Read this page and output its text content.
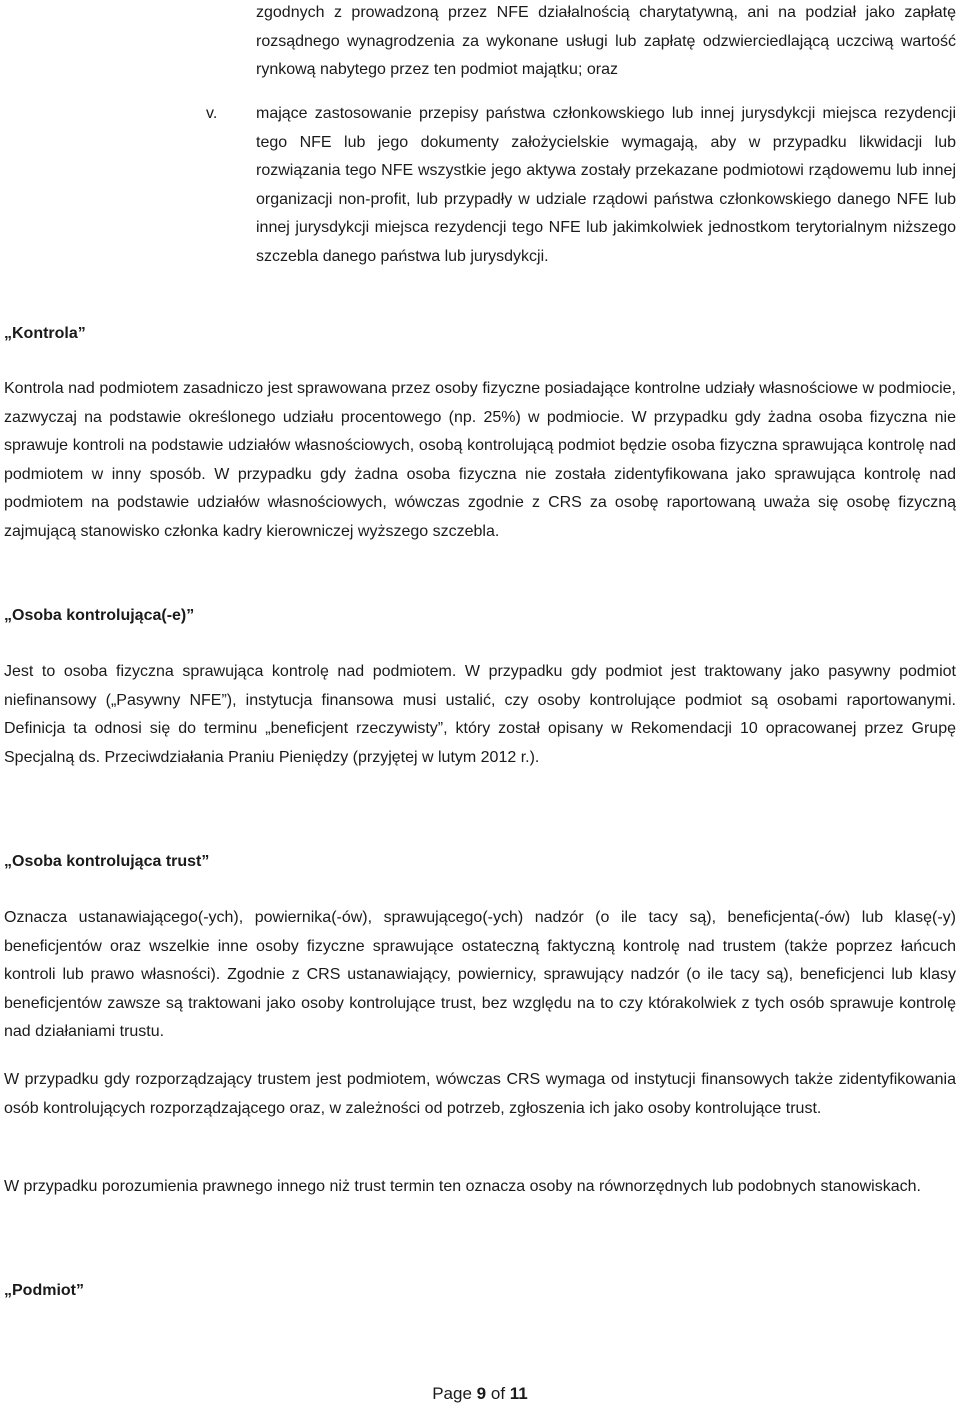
zgodnych z prowadzoną przez NFE działalnością charytatywną, ani na podział jako zapłatę rozsądnego wynagrodzenia za wykonane usługi lub zapłatę odzwierciedlającą uczciwą wartość rynkową nabytego przez ten podmiot majątku; oraz

v. mające zastosowanie przepisy państwa członkowskiego lub innej jurysdykcji miejsca rezydencji tego NFE lub jego dokumenty założycielskie wymagają, aby w przypadku likwidacji lub rozwiązania tego NFE wszystkie jego aktywa zostały przekazane podmiotowi rządowemu lub innej organizacji non-profit, lub przypadły w udziale rządowi państwa członkowskiego danego NFE lub innej jurysdykcji miejsca rezydencji tego NFE lub jakimkolwiek jednostkom terytorialnym niższego szczebla danego państwa lub jurysdykcji.

„Kontrola”

Kontrola nad podmiotem zasadniczo jest sprawowana przez osoby fizyczne posiadające kontrolne udziały własnościowe w podmiocie, zazwyczaj na podstawie określonego udziału procentowego (np. 25%) w podmiocie. W przypadku gdy żadna osoba fizyczna nie sprawuje kontroli na podstawie udziałów własnościowych, osobą kontrolującą podmiot będzie osoba fizyczna sprawująca kontrolę nad podmiotem w inny sposób. W przypadku gdy żadna osoba fizyczna nie została zidentyfikowana jako sprawująca kontrolę nad podmiotem na podstawie udziałów własnościowych, wówczas zgodnie z CRS za osobę raportowaną uważa się osobę fizyczną zajmującą stanowisko członka kadry kierowniczej wyższego szczebla.

„Osoba kontrolująca(-e)”

Jest to osoba fizyczna sprawująca kontrolę nad podmiotem. W przypadku gdy podmiot jest traktowany jako pasywny podmiot niefinansowy („Pasywny NFE”), instytucja finansowa musi ustalić, czy osoby kontrolujące podmiot są osobami raportowanymi. Definicja ta odnosi się do terminu „beneficjent rzeczywisty”, który został opisany w Rekomendacji 10 opracowanej przez Grupę Specjalną ds. Przeciwdziałania Praniu Pieniędzy (przyjętej w lutym 2012 r.).

„Osoba kontrolująca trust”

Oznacza ustanawiającego(-ych), powiernika(-ów), sprawującego(-ych) nadzór (o ile tacy są), beneficjenta(-ów) lub klasę(-y) beneficjentów oraz wszelkie inne osoby fizyczne sprawujące ostateczną faktyczną kontrolę nad trustem (także poprzez łańcuch kontroli lub prawo własności). Zgodnie z CRS ustanawiający, powiernicy, sprawujący nadzór (o ile tacy są), beneficjenci lub klasy beneficjentów zawsze są traktowani jako osoby kontrolujące trust, bez względu na to czy którakolwiek z tych osób sprawuje kontrolę nad działaniami trustu.

W przypadku gdy rozporządzający trustem jest podmiotem, wówczas CRS wymaga od instytucji finansowych także zidentyfikowania osób kontrolujących rozporządzającego oraz, w zależności od potrzeb, zgłoszenia ich jako osoby kontrolujące trust.

W przypadku porozumienia prawnego innego niż trust termin ten oznacza osoby na równorzędnych lub podobnych stanowiskach.

„Podmiot”

Page 9 of 11
